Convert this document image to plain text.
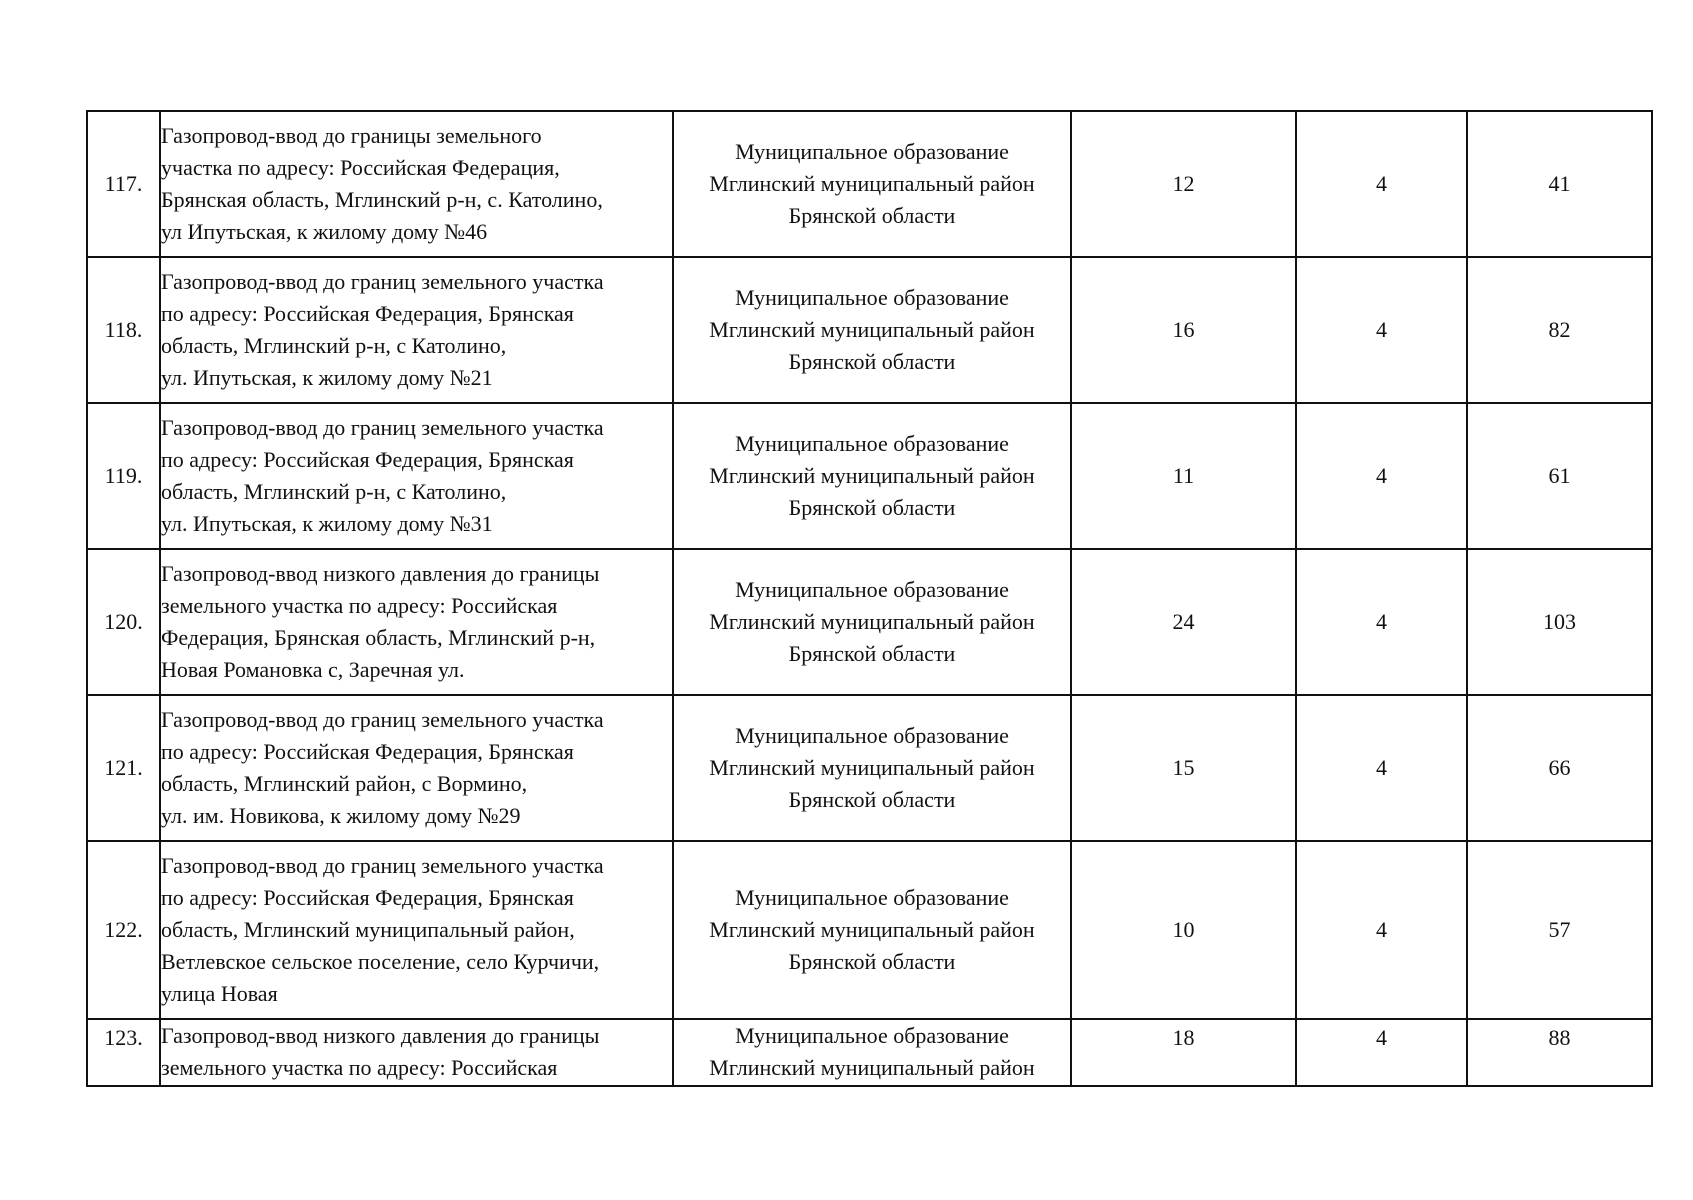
117.	Газопровод-ввод до границы земельного
участка по адресу: Российская Федерация,
Брянская область, Мглинский р-н, с. Католино,
ул Ипутьская, к жилому дому №46	Муниципальное образование
Мглинский муниципальный район
Брянской области	12	4	41
118.	Газопровод-ввод до границ земельного участка
по адресу: Российская Федерация, Брянская
область, Мглинский р-н, с Католино,
ул. Ипутьская, к жилому дому №21	Муниципальное образование
Мглинский муниципальный район
Брянской области	16	4	82
119.	Газопровод-ввод до границ земельного участка
по адресу: Российская Федерация, Брянская
область, Мглинский р-н, с Католино,
ул. Ипутьская, к жилому дому №31	Муниципальное образование
Мглинский муниципальный район
Брянской области	11	4	61
120.	Газопровод-ввод низкого давления до границы
земельного участка по адресу: Российская
Федерация, Брянская область, Мглинский р-н,
Новая Романовка с, Заречная ул.	Муниципальное образование
Мглинский муниципальный район
Брянской области	24	4	103
121.	Газопровод-ввод до границ земельного участка
по адресу: Российская Федерация, Брянская
область, Мглинский район, с Вормино,
ул. им. Новикова, к жилому дому №29	Муниципальное образование
Мглинский муниципальный район
Брянской области	15	4	66
122.	Газопровод-ввод до границ земельного участка
по адресу: Российская Федерация, Брянская
область, Мглинский муниципальный район,
Ветлевское сельское поселение, село Курчичи,
улица Новая	Муниципальное образование
Мглинский муниципальный район
Брянской области	10	4	57
123.	Газопровод-ввод низкого давления до границы
земельного участка по адресу: Российская	Муниципальное образование
Мглинский муниципальный район	18	4	88
